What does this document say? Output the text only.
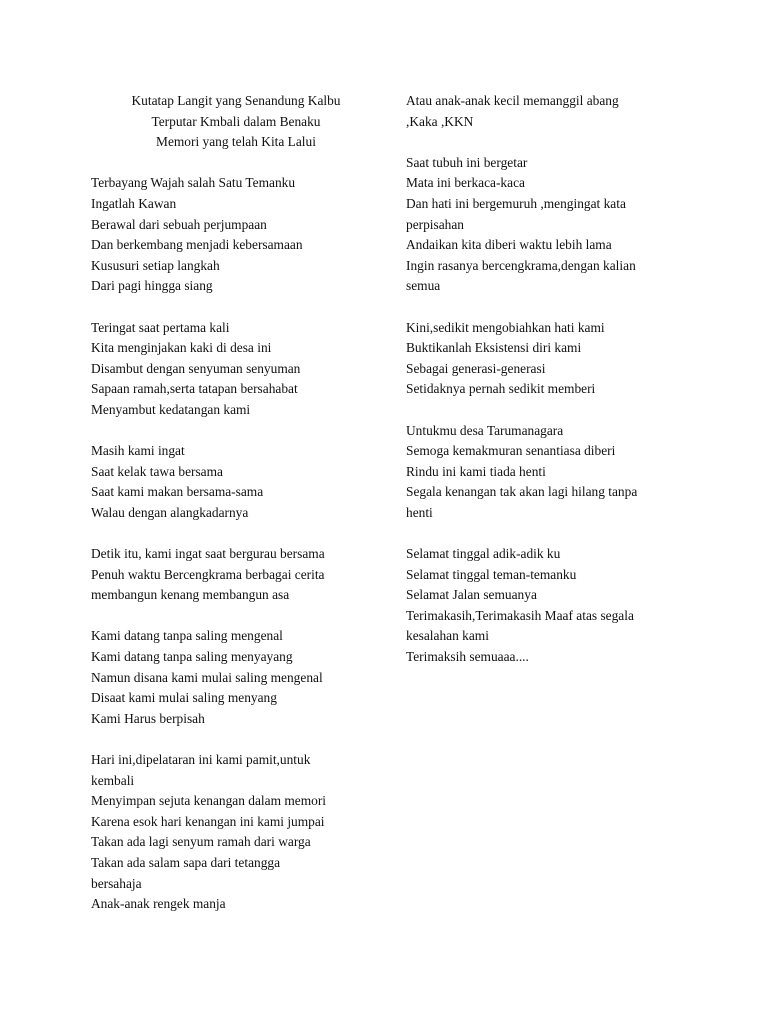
Kutatap Langit yang Senandung Kalbu
Terputar Kmbali dalam Benaku
Memori yang telah Kita Lalui
Terbayang Wajah salah Satu Temanku
Ingatlah Kawan
Berawal dari sebuah perjumpaan
Dan berkembang menjadi kebersamaan
Kususuri setiap langkah
Dari pagi hingga siang
Teringat saat pertama kali
Kita menginjakan kaki di desa ini
Disambut dengan senyuman senyuman
Sapaan ramah,serta tatapan bersahabat
Menyambut kedatangan kami
Masih kami ingat
Saat kelak tawa bersama
Saat kami makan bersama-sama
Walau dengan alangkadarnya
Detik itu, kami ingat saat bergurau bersama
Penuh waktu Bercengkrama berbagai cerita
membangun kenang membangun asa
Kami datang tanpa saling mengenal
Kami datang tanpa saling menyayang
Namun disana kami mulai saling mengenal
Disaat kami mulai saling menyang
Kami Harus berpisah
Hari ini,dipelataran ini kami pamit,untuk
kembali
Menyimpan sejuta kenangan dalam memori
Karena esok hari kenangan ini kami jumpai
Takan ada lagi senyum ramah dari warga
Takan ada salam sapa dari tetangga
bersahaja
Anak-anak rengek manja
Atau anak-anak kecil memanggil abang
,Kaka ,KKN
Saat tubuh ini bergetar
Mata ini berkaca-kaca
Dan hati ini bergemuruh ,mengingat kata
perpisahan
Andaikan kita diberi waktu lebih lama
Ingin rasanya bercengkrama,dengan kalian
semua
Kini,sedikit mengobiahkan hati kami
Buktikanlah Eksistensi diri kami
Sebagai generasi-generasi
Setidaknya pernah sedikit memberi
Untukmu desa Tarumanagara
Semoga kemakmuran senantiasa diberi
Rindu ini kami tiada henti
Segala kenangan tak akan lagi hilang tanpa
henti
Selamat tinggal adik-adik ku
Selamat tinggal teman-temanku
Selamat Jalan semuanya
Terimakasih,Terimakasih Maaf atas segala
kesalahan kami
Terimaksih semuaaa....
